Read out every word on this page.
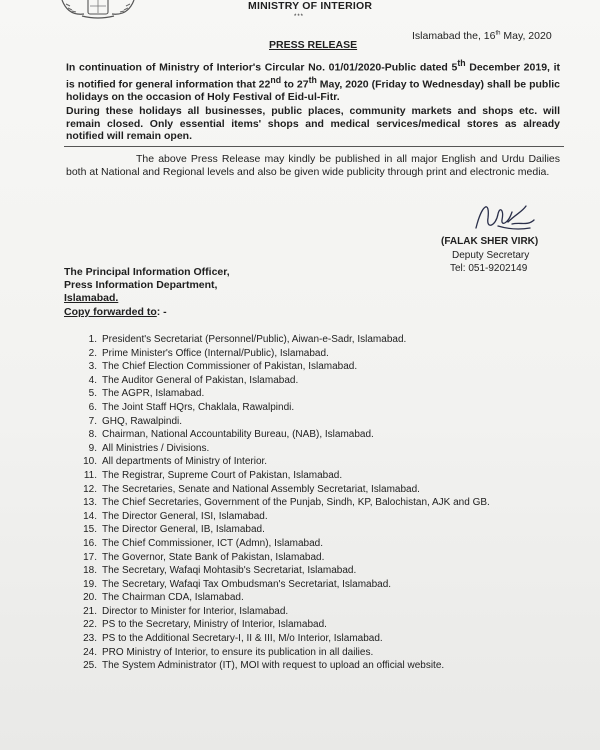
MINISTRY OF INTERIOR
***
Islamabad the, 16th May, 2020
PRESS RELEASE
In continuation of Ministry of Interior's Circular No. 01/01/2020-Public dated 5th December 2019, it is notified for general information that 22nd to 27th May, 2020 (Friday to Wednesday) shall be public holidays on the occasion of Holy Festival of Eid-ul-Fitr.
During these holidays all businesses, public places, community markets and shops etc. will remain closed. Only essential items' shops and medical services/medical stores as already notified will remain open.
The above Press Release may kindly be published in all major English and Urdu Dailies both at National and Regional levels and also be given wide publicity through print and electronic media.
(FALAK SHER VIRK)
Deputy Secretary
Tel: 051-9202149
The Principal Information Officer,
Press Information Department,
Islamabad.
Copy forwarded to: -
1. President's Secretariat (Personnel/Public), Aiwan-e-Sadr, Islamabad.
2. Prime Minister's Office (Internal/Public), Islamabad.
3. The Chief Election Commissioner of Pakistan, Islamabad.
4. The Auditor General of Pakistan, Islamabad.
5. The AGPR, Islamabad.
6. The Joint Staff HQrs, Chaklala, Rawalpindi.
7. GHQ, Rawalpindi.
8. Chairman, National Accountability Bureau, (NAB), Islamabad.
9. All Ministries / Divisions.
10. All departments of Ministry of Interior.
11. The Registrar, Supreme Court of Pakistan, Islamabad.
12. The Secretaries, Senate and National Assembly Secretariat, Islamabad.
13. The Chief Secretaries, Government of the Punjab, Sindh, KP, Balochistan, AJK and GB.
14. The Director General, ISI, Islamabad.
15. The Director General, IB, Islamabad.
16. The Chief Commissioner, ICT (Admn), Islamabad.
17. The Governor, State Bank of Pakistan, Islamabad.
18. The Secretary, Wafaqi Mohtasib's Secretariat, Islamabad.
19. The Secretary, Wafaqi Tax Ombudsman's Secretariat, Islamabad.
20. The Chairman CDA, Islamabad.
21. Director to Minister for Interior, Islamabad.
22. PS to the Secretary, Ministry of Interior, Islamabad.
23. PS to the Additional Secretary-I, II & III, M/o Interior, Islamabad.
24. PRO Ministry of Interior, to ensure its publication in all dailies.
25. The System Administrator (IT), MOI with request to upload an official website.
